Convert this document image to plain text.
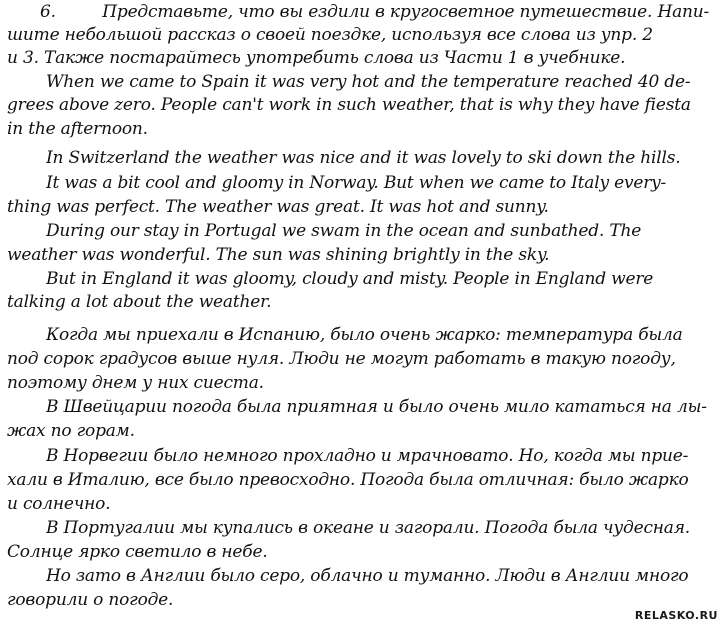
6.	Представьте, что вы ездили в кругосветное путешествие. Напи-
шите небольшой рассказ о своей поездке, используя все слова из упр. 2
и 3. Также постарайтесь употребить слова из Части 1 в учебнике.
When we came to Spain it was very hot and the temperature reached 40 de-
grees above zero. People can't work in such weather, that is why they have fiesta
in the afternoon.
In Switzerland the weather was nice and it was lovely to ski down the hills.
It was a bit cool and gloomy in Norway. But when we came to Italy every-
thing was perfect. The weather was great. It was hot and sunny.
During our stay in Portugal we swam in the ocean and sunbathed. The
weather was wonderful. The sun was shining brightly in the sky.
But in England it was gloomy, cloudy and misty. People in England were
talking a lot about the weather.
Когда мы приехали в Испанию, было очень жарко: температура была
под сорок градусов выше нуля. Люди не могут работать в такую погоду,
поэтому днем у них сиеста.
В Швейцарии погода была приятная и было очень мило кататься на лы-
жах по горам.
В Норвегии было немного прохладно и мрачновато. Но, когда мы прие-
хали в Италию, все было превосходно. Погода была отличная: было жарко
и солнечно.
В Португалии мы купались в океане и загорали. Погода была чудесная.
Солнце ярко светило в небе.
Но зато в Англии было серо, облачно и туманно. Люди в Англии много
говорили о погоде.
RELASKO.RU
